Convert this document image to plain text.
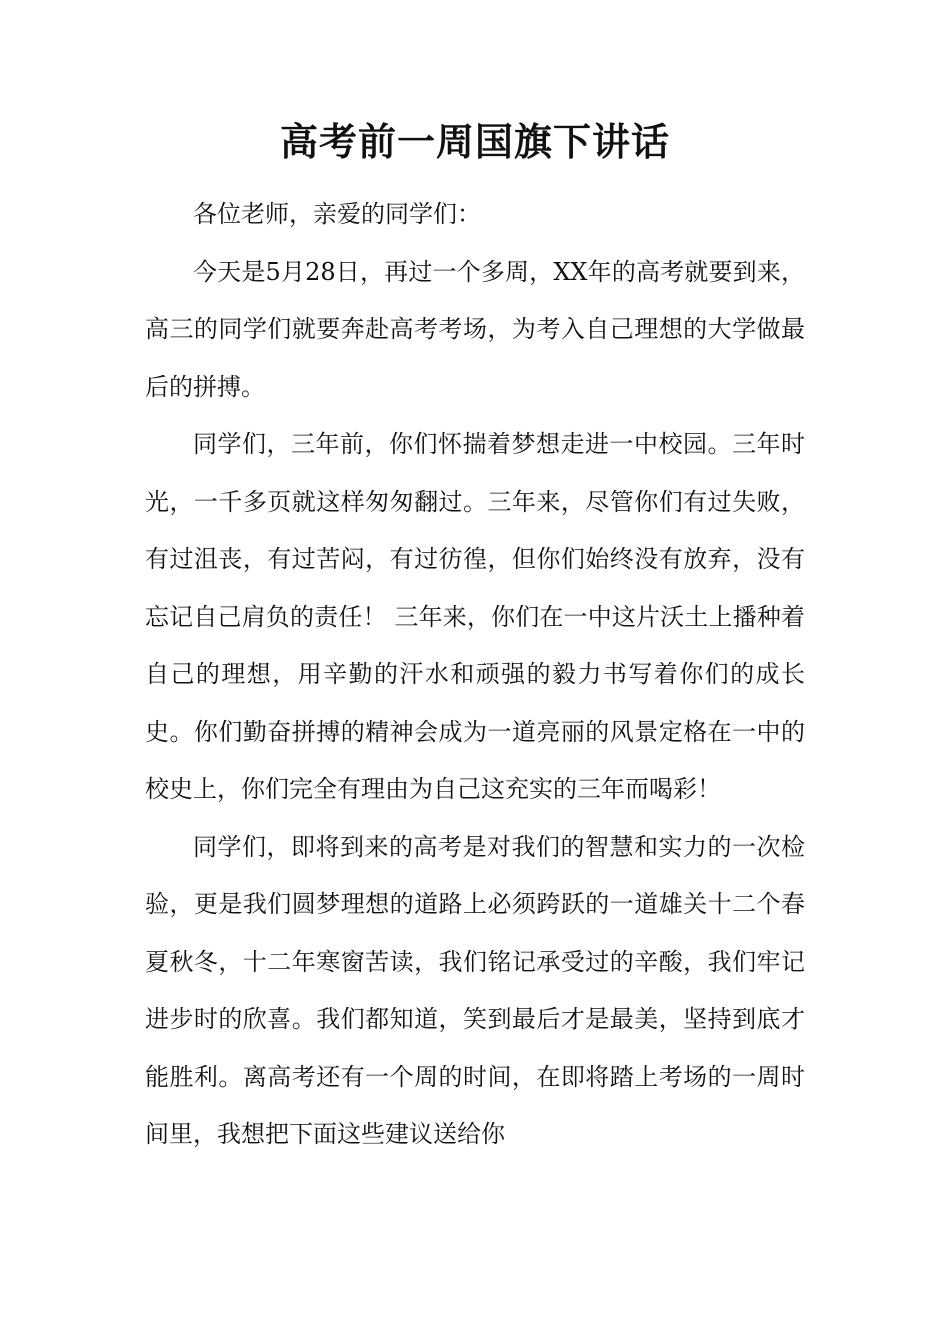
高考前一周国旗下讲话

各位老师，亲爱的同学们：

今天是5月28日，再过一个多周，XX年的高考就要到来，高三的同学们就要奔赴高考考场，为考入自己理想的大学做最后的拼搏。

同学们，三年前，你们怀揣着梦想走进一中校园。三年时光，一千多页就这样匆匆翻过。三年来，尽管你们有过失败，有过沮丧，有过苦闷，有过彷徨，但你们始终没有放弃，没有忘记自己肩负的责任！ 三年来，你们在一中这片沃土上播种着自己的理想，用辛勤的汗水和顽强的毅力书写着你们的成长史。你们勤奋拼搏的精神会成为一道亮丽的风景定格在一中的校史上，你们完全有理由为自己这充实的三年而喝彩！

同学们，即将到来的高考是对我们的智慧和实力的一次检验，更是我们圆梦理想的道路上必须跨跃的一道雄关十二个春夏秋冬，十二年寒窗苦读，我们铭记承受过的辛酸，我们牢记进步时的欣喜。我们都知道，笑到最后才是最美，坚持到底才能胜利。离高考还有一个周的时间，在即将踏上考场的一周时间里，我想把下面这些建议送给你
